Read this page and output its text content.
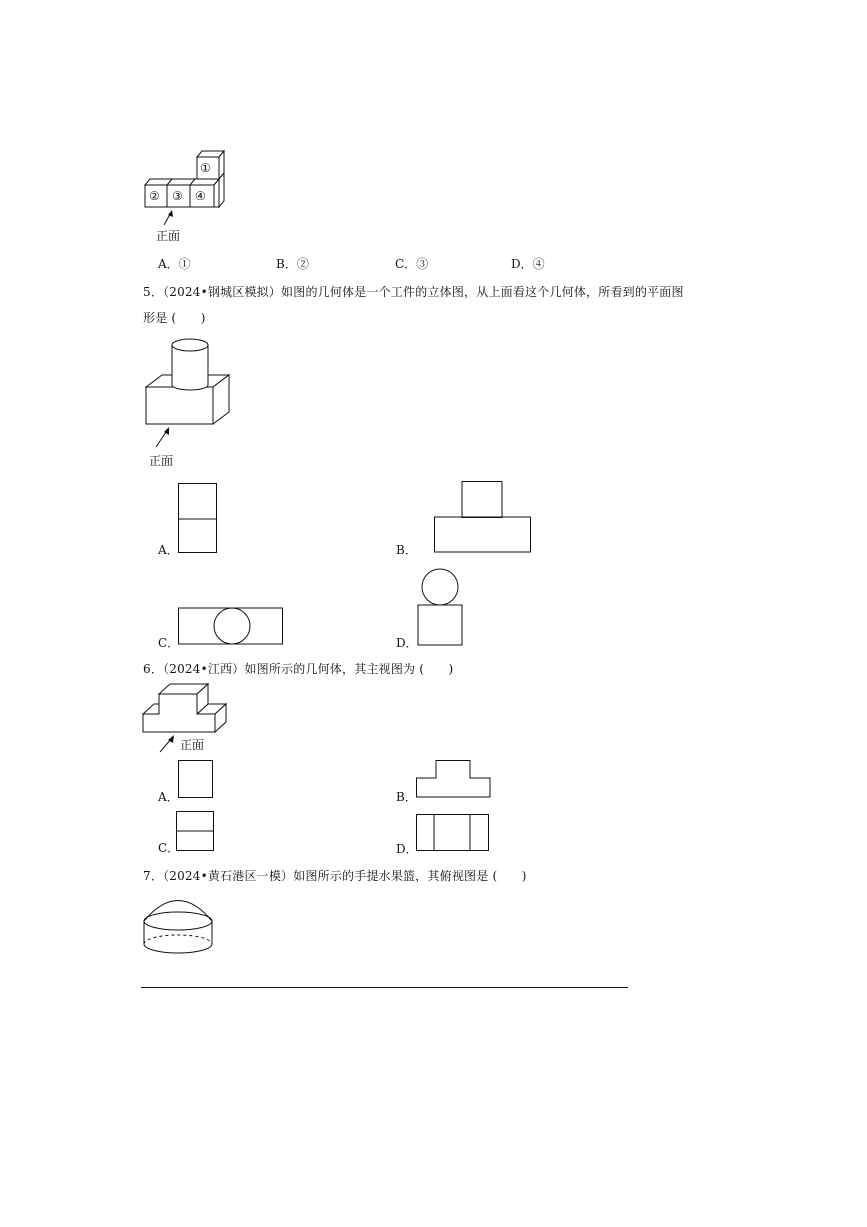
①
② ③ ④
正面
A．①	B．②	C．③	D．④
5．（2024•钢城区模拟）如图的几何体是一个工件的立体图，从上面看这个几何体，所看到的平面图
形是 (　　)
正面
A．	B．
C．	D．
6．（2024•江西）如图所示的几何体，其主视图为 (　　)
正面
A．	B．
C．	D．
7．（2024•黄石港区一模）如图所示的手提水果篮，其俯视图是 (　　)
